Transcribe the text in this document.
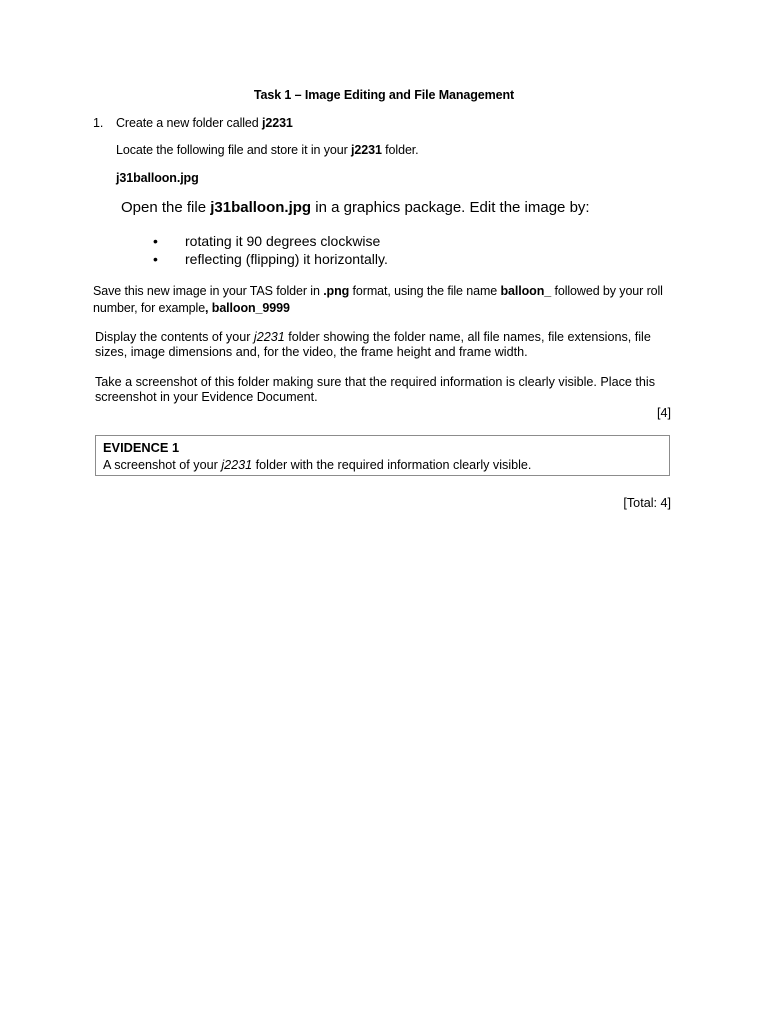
Task 1 – Image Editing and File Management
1. Create a new folder called j2231
Locate the following file and store it in your j2231 folder.
j31balloon.jpg
Open the file j31balloon.jpg in a graphics package. Edit the image by:
• rotating it 90 degrees clockwise
• reflecting (flipping) it horizontally.
Save this new image in your TAS folder in .png format, using the file name balloon_ followed by your roll number, for example, balloon_9999
Display the contents of your j2231 folder showing the folder name, all file names, file extensions, file sizes, image dimensions and, for the video, the frame height and frame width.
Take a screenshot of this folder making sure that the required information is clearly visible. Place this screenshot in your Evidence Document.
[4]
EVIDENCE 1
A screenshot of your j2231 folder with the required information clearly visible.
[Total: 4]
